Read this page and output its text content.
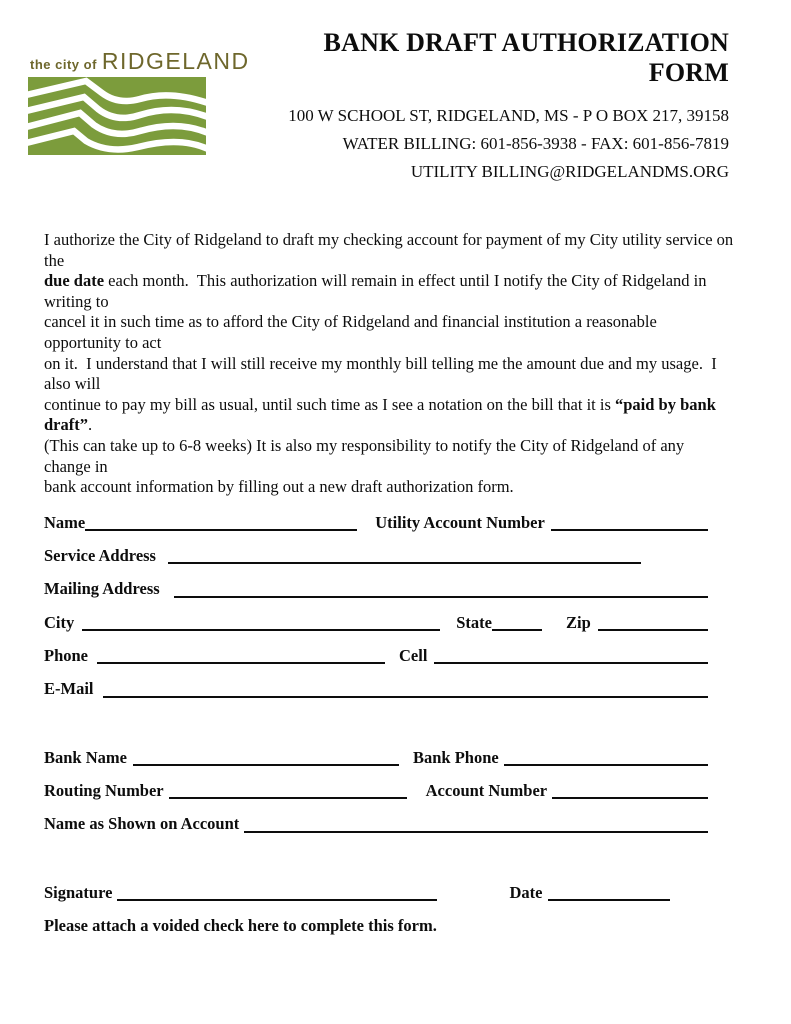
the city of RIDGELAND
BANK DRAFT AUTHORIZATION FORM
100 W SCHOOL ST, RIDGELAND, MS - P O BOX 217, 39158
WATER BILLING: 601-856-3938 - FAX: 601-856-7819
UTILITY BILLING@RIDGELANDMS.ORG
I authorize the City of Ridgeland to draft my checking account for payment of my City utility service on the
due date each month.  This authorization will remain in effect until I notify the City of Ridgeland in writing to
cancel it in such time as to afford the City of Ridgeland and financial institution a reasonable opportunity to act
on it.  I understand that I will still receive my monthly bill telling me the amount due and my usage.  I also will
continue to pay my bill as usual, until such time as I see a notation on the bill that it is “paid by bank draft”.
(This can take up to 6-8 weeks) It is also my responsibility to notify the City of Ridgeland of any change in
bank account information by filling out a new draft authorization form.
Name	Utility Account Number
Service Address
Mailing Address
City	State	Zip
Phone	Cell
E-Mail
Bank Name	Bank Phone
Routing Number	Account Number
Name as Shown on Account
Signature	Date
Please attach a voided check here to complete this form.
